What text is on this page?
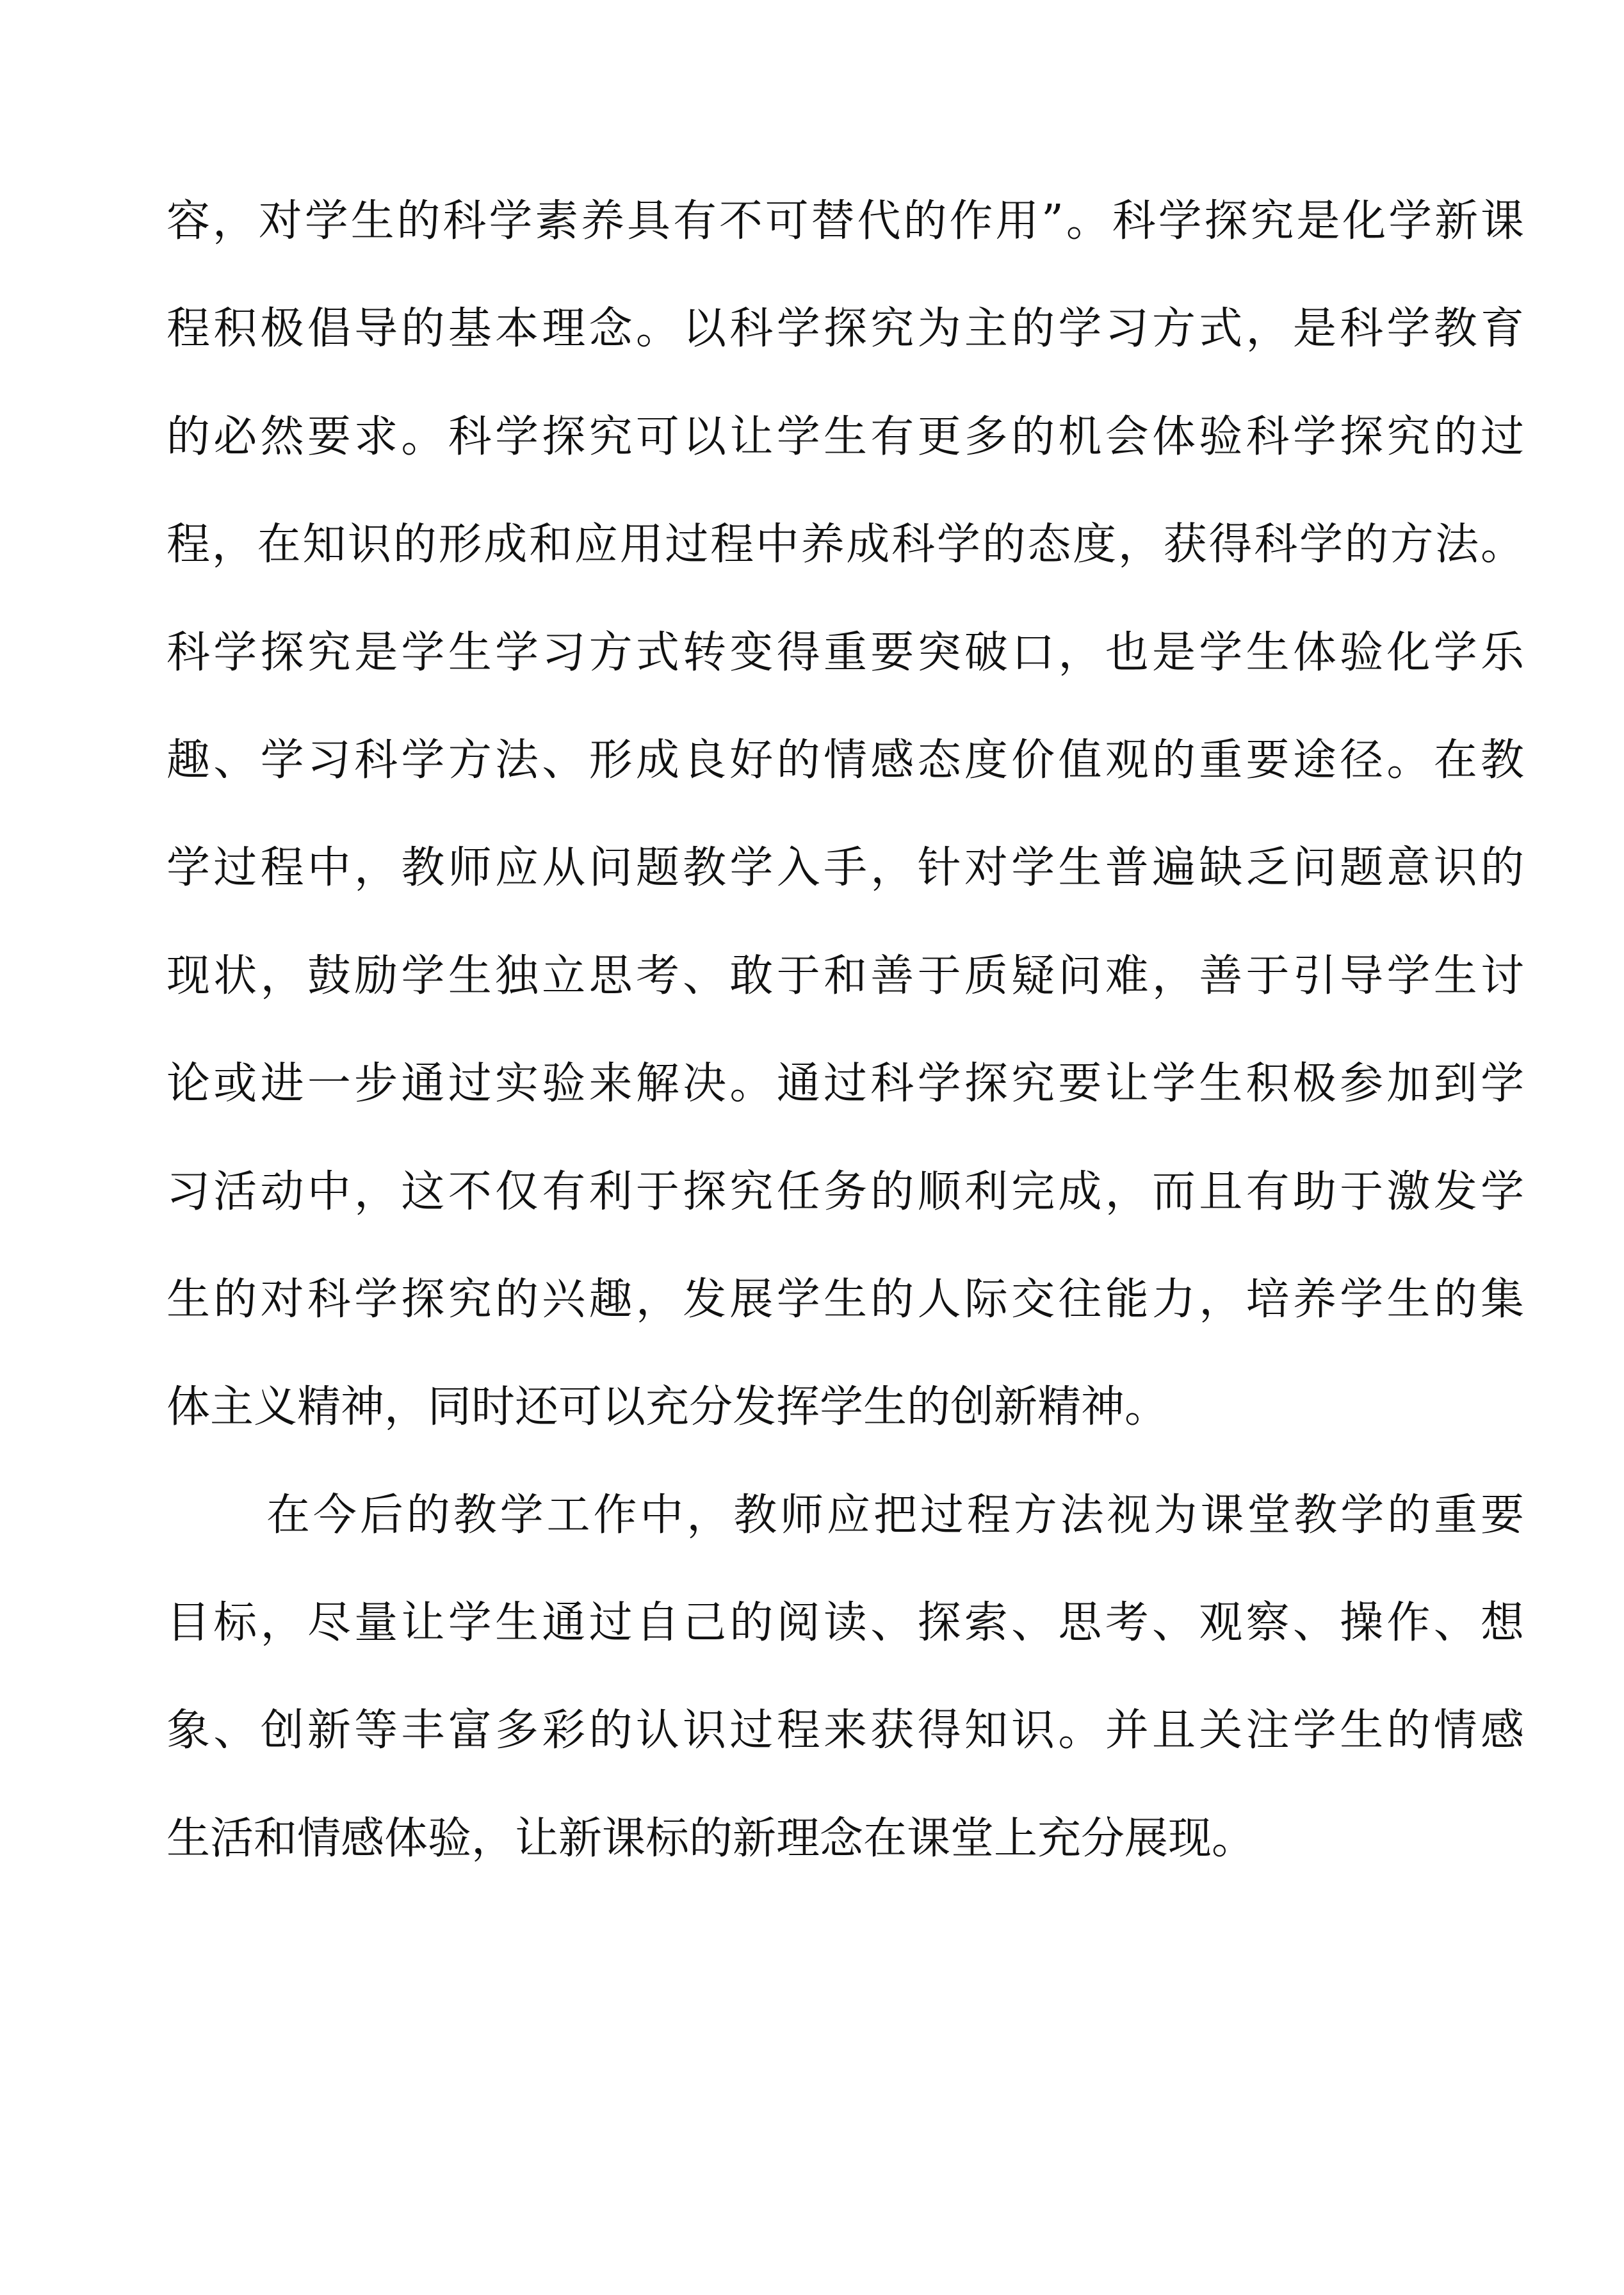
容，对学生的科学素养具有不可替代的作用”。科学探究是化学新课
程积极倡导的基本理念。以科学探究为主的学习方式，是科学教育
的必然要求。科学探究可以让学生有更多的机会体验科学探究的过
程，在知识的形成和应用过程中养成科学的态度，获得科学的方法。
科学探究是学生学习方式转变得重要突破口，也是学生体验化学乐
趣、学习科学方法、形成良好的情感态度价值观的重要途径。在教
学过程中，教师应从问题教学入手，针对学生普遍缺乏问题意识的
现状，鼓励学生独立思考、敢于和善于质疑问难，善于引导学生讨
论或进一步通过实验来解决。通过科学探究要让学生积极参加到学
习活动中，这不仅有利于探究任务的顺利完成，而且有助于激发学
生的对科学探究的兴趣，发展学生的人际交往能力，培养学生的集
体主义精神，同时还可以充分发挥学生的创新精神。
在今后的教学工作中，教师应把过程方法视为课堂教学的重要
目标，尽量让学生通过自己的阅读、探索、思考、观察、操作、想
象、创新等丰富多彩的认识过程来获得知识。并且关注学生的情感
生活和情感体验，让新课标的新理念在课堂上充分展现。
